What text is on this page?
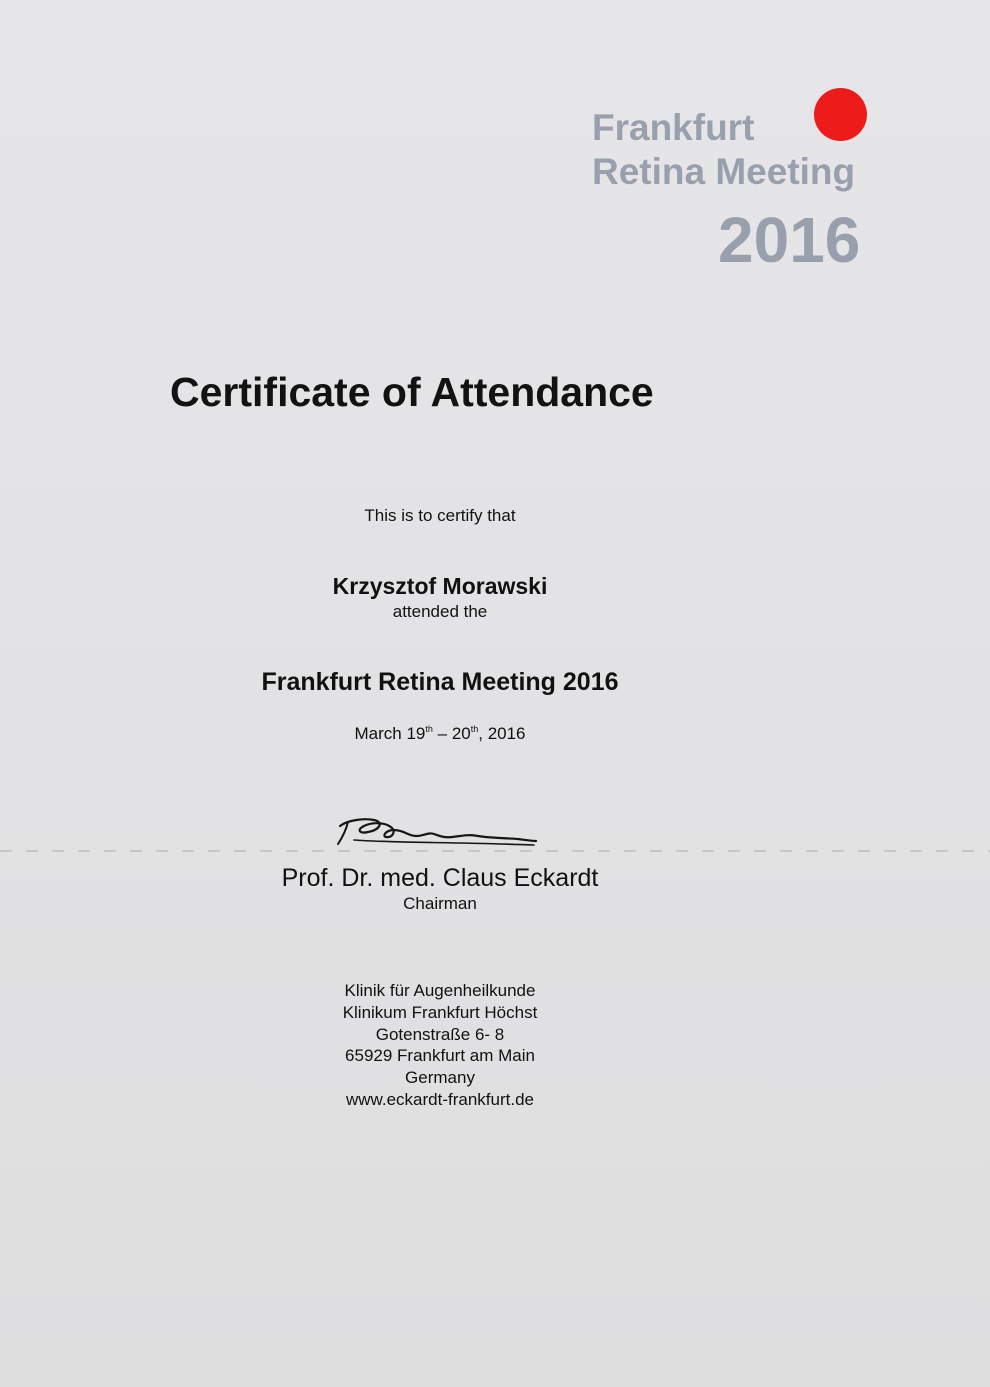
Frankfurt
Retina Meeting
2016
Certificate of Attendance
This is to certify that
Krzysztof Morawski
attended the
Frankfurt Retina Meeting 2016
March 19th – 20th, 2016
Prof. Dr. med. Claus Eckardt
Chairman
Klinik für Augenheilkunde
Klinikum Frankfurt Höchst
Gotenstraße 6- 8
65929 Frankfurt am Main
Germany
www.eckardt-frankfurt.de
